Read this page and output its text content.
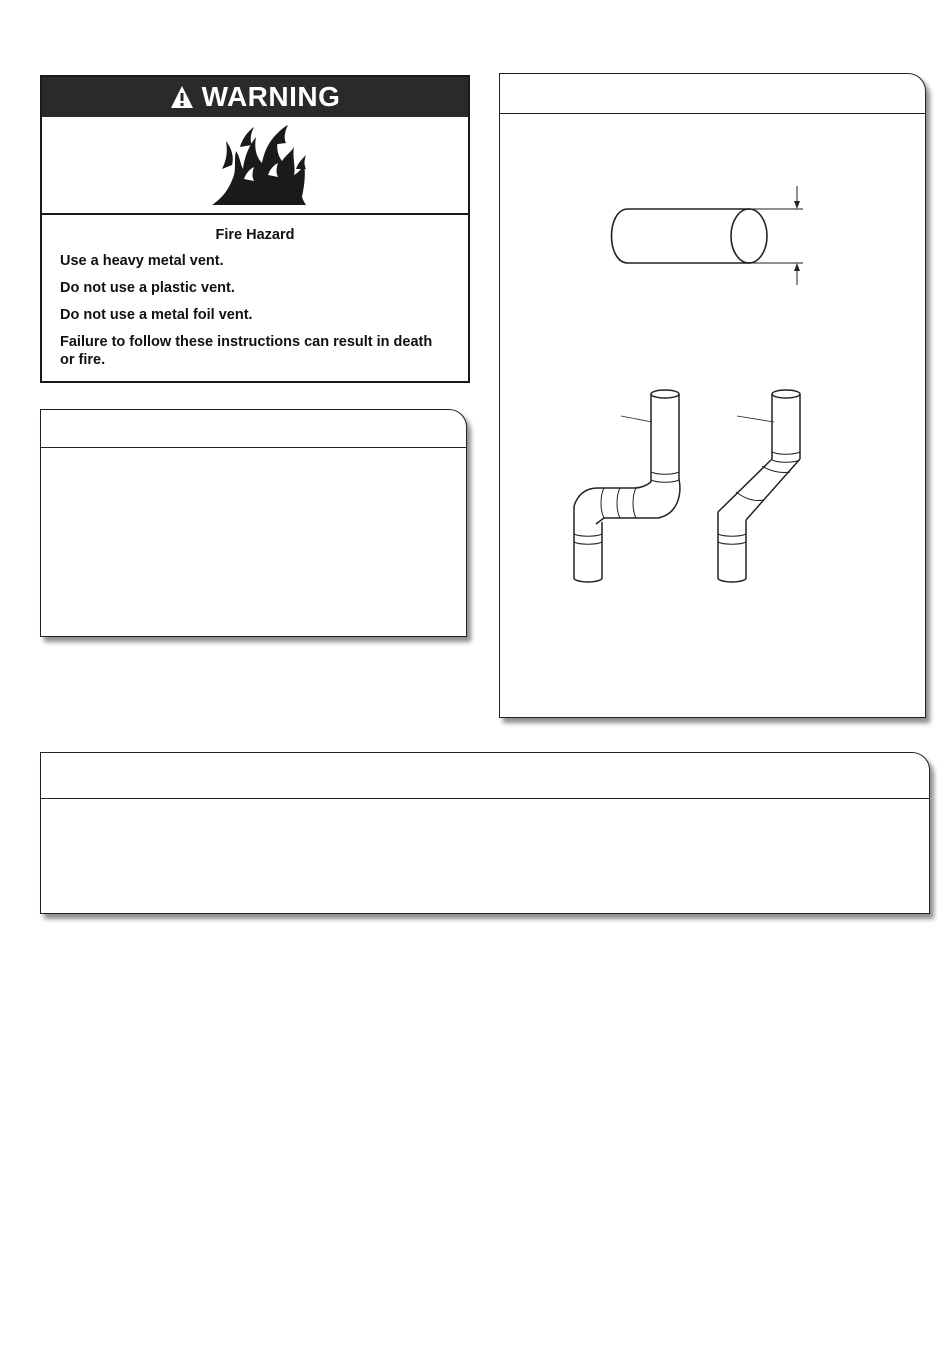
WARNING
Fire Hazard

Use a heavy metal vent.

Do not use a plastic vent.

Do not use a metal foil vent.

Failure to follow these instructions can result in death or fire.
